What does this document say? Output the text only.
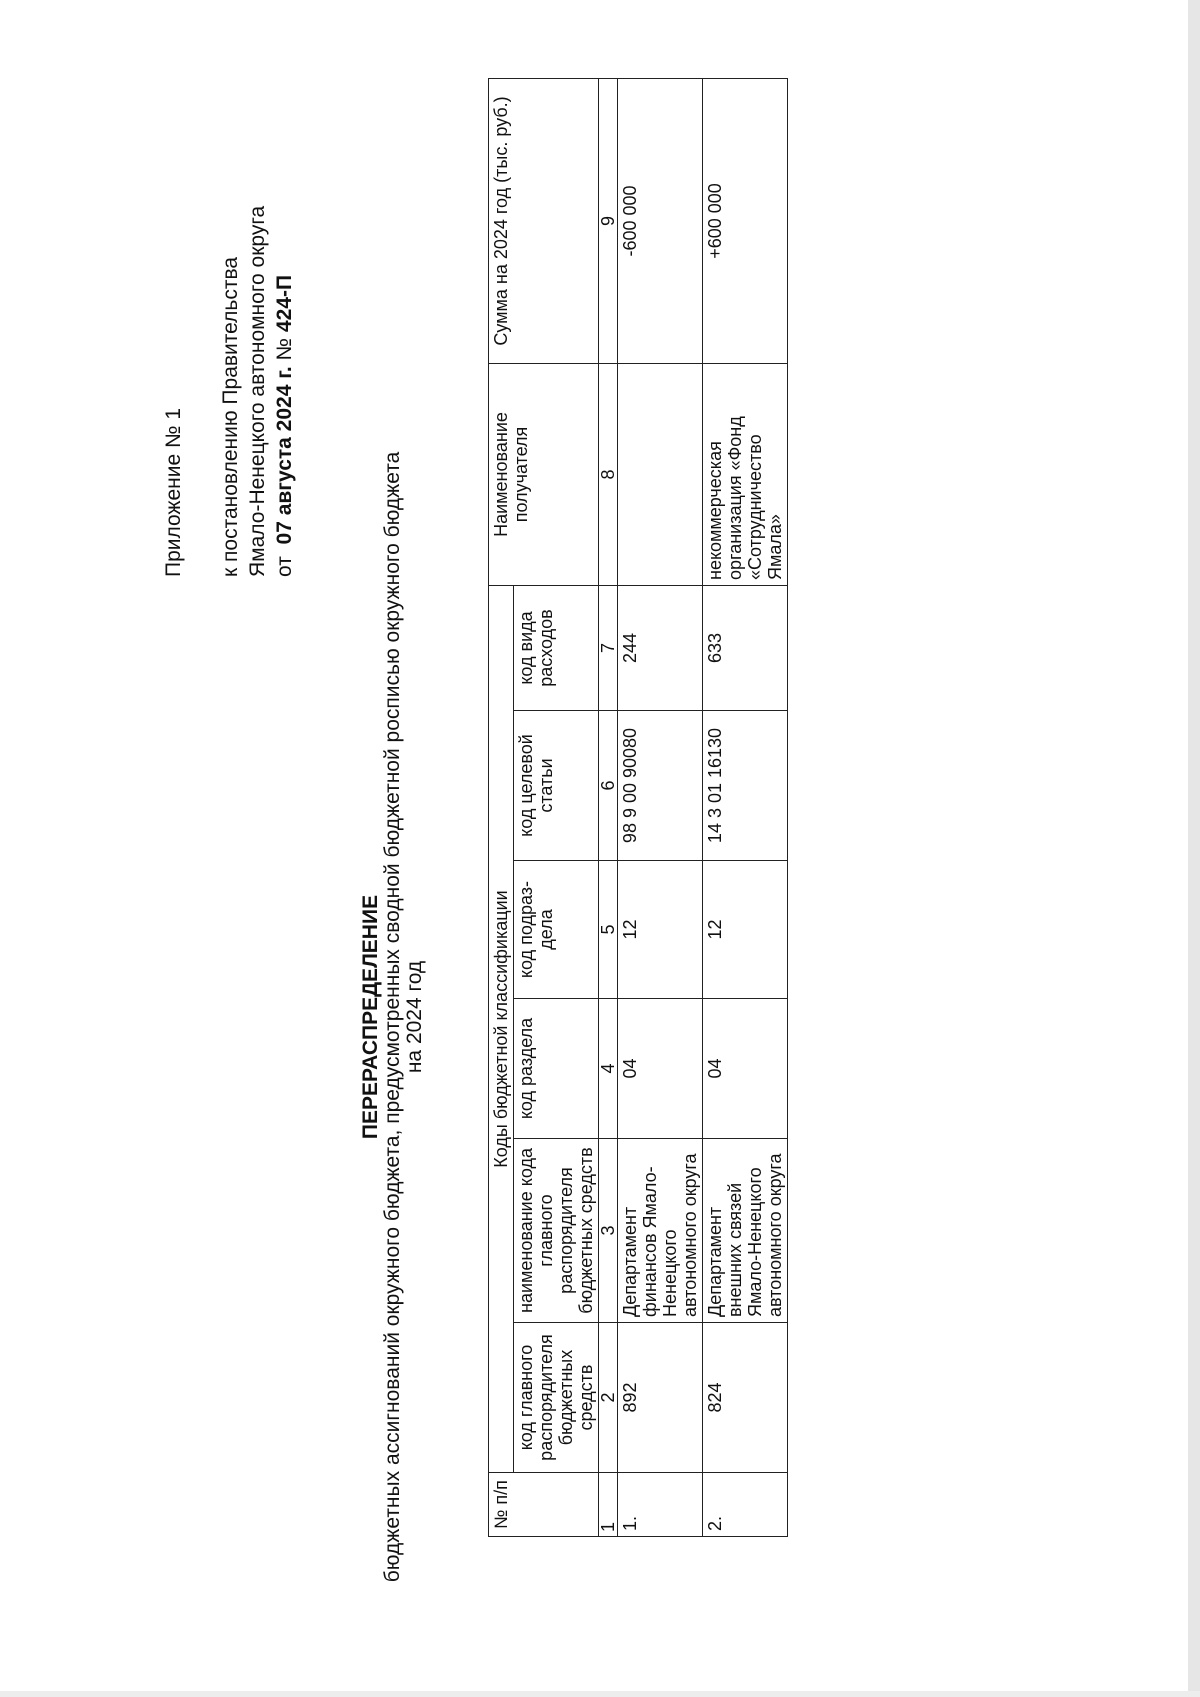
Приложение № 1 к постановлению Правительства Ямало-Ненецкого автономного округа от  07 августа 2024 г. № 424-П
ПЕРЕРАСПРЕДЕЛЕНИЕ бюджетных ассигнований окружного бюджета, предусмотренных сводной бюджетной росписью окружного бюджета на 2024 год
№ п/п	Коды бюджетной классификации						Наименование получателя	Сумма на 2024 год (тыс. руб.)
	код главного распорядителя бюджетных средств	наименование кода главного распорядителя бюджетных средств	код раздела	код подраз-дела	код целевой статьи	код вида расходов		
1	2	3	4	5	6	7	8	9
1.	892	Департамент финансов Ямало-Ненецкого автономного округа	04	12	98 9 00 90080	244		-600 000
2.	824	Департамент внешних связей Ямало-Ненецкого автономного округа	04	12	14 3 01 16130	633	некоммерческая организация «Фонд «Сотрудничество Ямала»	+600 000
